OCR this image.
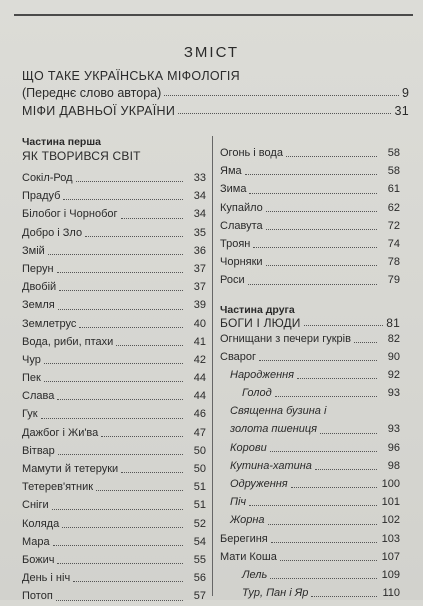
ЗМІСТ
ЩО ТАКЕ УКРАЇНСЬКА МІФОЛОГІЯ
(Переднє слово автора)	9
МІФИ ДАВНЬОЇ УКРАЇНИ	31
Частина перша
ЯК ТВОРИВСЯ СВІТ
Сокіл-Род	33
Прадуб	34
Білобог і Чорнобог	34
Добро і Зло	35
Змій	36
Перун	37
Двобій	37
Земля	39
Землетрус	40
Вода, риби, птахи	41
Чур	42
Пек	44
Слава	44
Гук	46
Дажбог і Жи'ва	47
Вітвар	50
Мамути й тетеруки	50
Тетерев'ятник	51
Сніги	51
Коляда	52
Мара	54
Божич	55
День і ніч	56
Потоп	57
Огонь і вода	58
Яма	58
Зима	61
Купайло	62
Славута	72
Троян	74
Чорняки	78
Роси	79
Частина друга
БОГИ І ЛЮДИ	81
Огнищани з печери гукрів	82
Сварог	90
Народження	92
Голод	93
Священна бузина і
золота пшениця	93
Корови	96
Кутина-хатина	98
Одруження	100
Піч	101
Жорна	102
Берегиня	103
Мати Коша	107
Лель	109
Тур, Пан і Яр	110
